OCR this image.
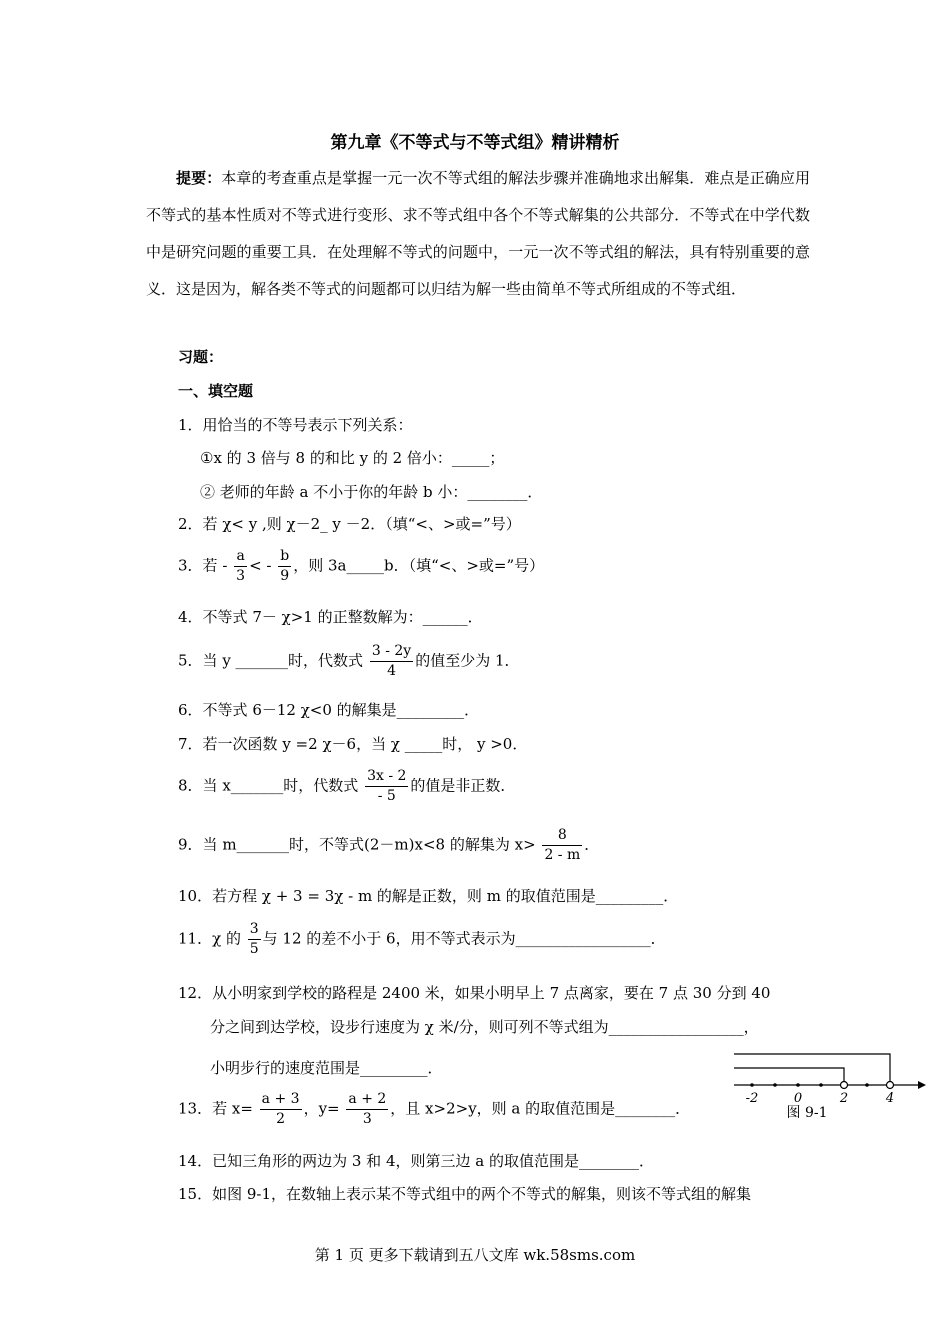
第九章《不等式与不等式组》精讲精析
提要：本章的考查重点是掌握一元一次不等式组的解法步骤并准确地求出解集．难点是正确应用不等式的基本性质对不等式进行变形、求不等式组中各个不等式解集的公共部分．不等式在中学代数中是研究问题的重要工具．在处理解不等式的问题中，一元一次不等式组的解法，具有特别重要的意义．这是因为，解各类不等式的问题都可以归结为解一些由简单不等式所组成的不等式组．
习题：
一、填空题
1．用恰当的不等号表示下列关系：
①x 的 3 倍与 8 的和比 y 的 2 倍小：_____；
② 老师的年龄 a 不小于你的年龄 b 小：________．
2．若 χ< y ,则 χ－2_ y －2．（填“<、>或=”号）
3．若 - $\frac{a}{3}$ < - $\frac{b}{9}$ ，则 3a_____b．（填“<、>或=”号）
4．不等式 7－ χ>1 的正整数解为：______．
5．当 y _______时，代数式 $\frac{3 - 2y}{4}$ 的值至少为 1．
6．不等式 6－12 χ<0 的解集是_________．
7．若一次函数 y =2 χ－6，当 χ _____时， y >0．
8．当 x_______时，代数式 $\frac{3x - 2}{- 5}$ 的值是非正数．
9．当 m_______时，不等式(2－m)x<8 的解集为 $x> \frac{8}{2 - m}$ ．
10．若方程 χ + 3 = 3χ - m 的解是正数，则 m 的取值范围是_________．
11．χ 的 $\frac{3}{5}$ 与 12 的差不小于 6，用不等式表示为__________________．
12．从小明家到学校的路程是 2400 米，如果小明早上 7 点离家，要在 7 点 30 分到 40
分之间到达学校，设步行速度为 χ 米/分，则可列不等式组为__________________，
小明步行的速度范围是_________．
13．若 $x= \frac{a + 3}{2}$ ，$y= \frac{a + 2}{3}$ ，且 x>2>y，则 a 的取值范围是________．
14．已知三角形的两边为 3 和 4，则第三边 a 的取值范围是________．
15．如图 9-1，在数轴上表示某不等式组中的两个不等式的解集，则该不等式组的解集
-2	0	2	4
图 9-1
第 1 页 更多下载请到五八文库 wk.58sms.com
